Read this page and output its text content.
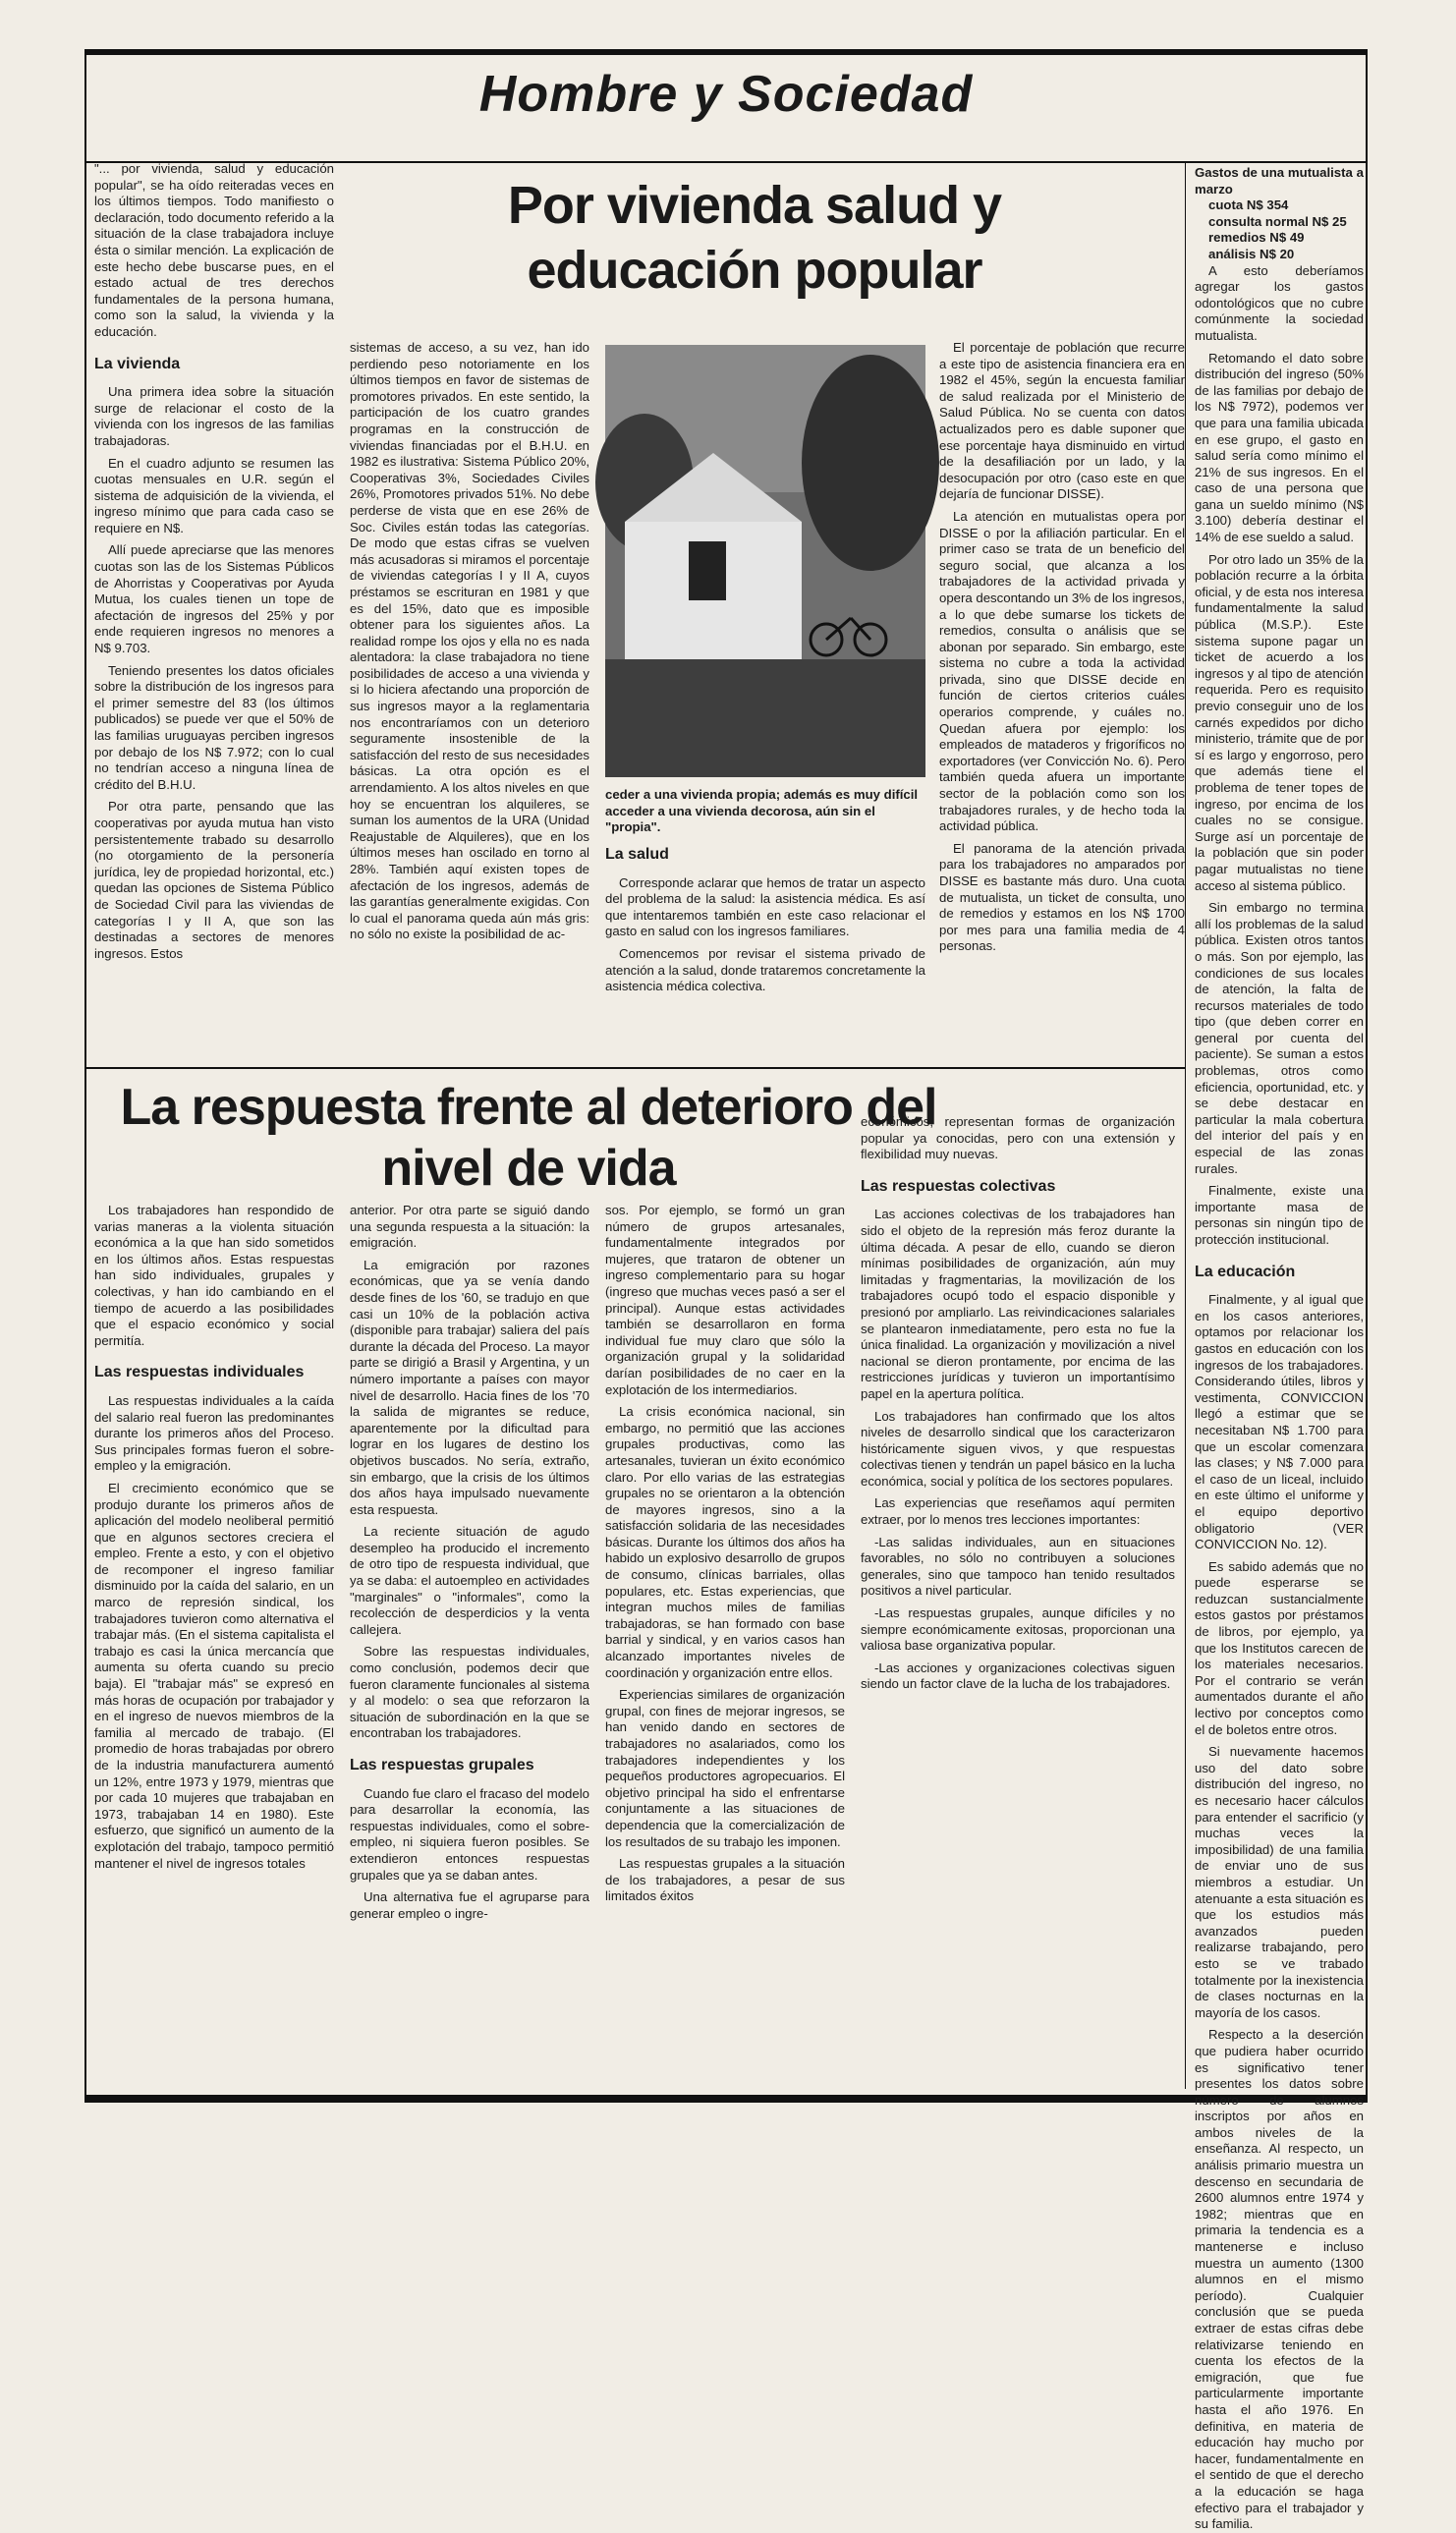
Hombre y Sociedad
Por vivienda salud y educación popular

"... por vivienda, salud y educación popular", se ha oído reiteradas veces en los últimos tiempos. Todo manifiesto o declaración, todo documento referido a la situación de la clase trabajadora incluye ésta o similar mención. La explicación de este hecho debe buscarse pues, en el estado actual de tres derechos fundamentales de la persona humana, como son la salud, la vivienda y la educación.

La vivienda

Una primera idea sobre la situación surge de relacionar el costo de la vivienda con los ingresos de las familias trabajadoras.

En el cuadro adjunto se resumen las cuotas mensuales en U.R. según el sistema de adquisición de la vivienda, el ingreso mínimo que para cada caso se requiere en N$.

Allí puede apreciarse que las menores cuotas son las de los Sistemas Públicos de Ahorristas y Cooperativas por Ayuda Mutua, los cuales tienen un tope de afectación de ingresos del 25% y por ende requieren ingresos no menores a N$ 9.703.

Teniendo presentes los datos oficiales sobre la distribución de los ingresos para el primer semestre del 83 (los últimos publicados) se puede ver que el 50% de las familias uruguayas perciben ingresos por debajo de los N$ 7.972; con lo cual no tendrían acceso a ninguna línea de crédito del B.H.U.

Por otra parte, pensando que las cooperativas por ayuda mutua han visto persistentemente trabado su desarrollo (no otorgamiento de la personería jurídica, ley de propiedad horizontal, etc.) quedan las opciones de Sistema Público de Sociedad Civil para las viviendas de categorías I y II A, que son las destinadas a sectores de menores ingresos. Estos

sistemas de acceso, a su vez, han ido perdiendo peso notoriamente en los últimos tiempos en favor de sistemas de promotores privados. En este sentido, la participación de los cuatro grandes programas en la construcción de viviendas financiadas por el B.H.U. en 1982 es ilustrativa: Sistema Público 20%, Cooperativas 3%, Sociedades Civiles 26%, Promotores privados 51%. No debe perderse de vista que en ese 26% de Soc. Civiles están todas las categorías. De modo que estas cifras se vuelven más acusadoras si miramos el porcentaje de viviendas categorías I y II A, cuyos préstamos se escrituran en 1981 y que es del 15%, dato que es imposible obtener para los siguientes años. La realidad rompe los ojos y ella no es nada alentadora: la clase trabajadora no tiene posibilidades de acceso a una vivienda y si lo hiciera afectando una proporción de sus ingresos mayor a la reglamentaria nos encontraríamos con un deterioro seguramente insostenible de la satisfacción del resto de sus necesidades básicas. La otra opción es el arrendamiento. A los altos niveles en que hoy se encuentran los alquileres, se suman los aumentos de la URA (Unidad Reajustable de Alquileres), que en los últimos meses han oscilado en torno al 28%. También aquí existen topes de afectación de los ingresos, además de las garantías generalmente exigidas. Con lo cual el panorama queda aún más gris: no sólo no existe la posibilidad de ac-

ceder a una vivienda propia; además es muy difícil acceder a una vivienda decorosa, aún sin el "propia".
La salud

Corresponde aclarar que hemos de tratar un aspecto del problema de la salud: la asistencia médica. Es así que intentaremos también en este caso relacionar el gasto en salud con los ingresos familiares.

Comencemos por revisar el sistema privado de atención a la salud, donde trataremos concretamente la asistencia médica colectiva.

El porcentaje de población que recurre a este tipo de asistencia financiera era en 1982 el 45%, según la encuesta familiar de salud realizada por el Ministerio de Salud Pública. No se cuenta con datos actualizados pero es dable suponer que ese porcentaje haya disminuido en virtud de la desafiliación por un lado, y la desocupación por otro (caso este en que dejaría de funcionar DISSE).

La atención en mutualistas opera por DISSE o por la afiliación particular. En el primer caso se trata de un beneficio del seguro social, que alcanza a los trabajadores de la actividad privada y opera descontando un 3% de los ingresos, a lo que debe sumarse los tickets de remedios, consulta o análisis que se abonan por separado. Sin embargo, este sistema no cubre a toda la actividad privada, sino que DISSE decide en función de ciertos criterios cuáles operarios comprende, y cuáles no. Quedan afuera por ejemplo: los empleados de mataderos y frigoríficos no exportadores (ver Convicción No. 6). Pero también queda afuera un importante sector de la población como son los trabajadores rurales, y de hecho toda la actividad pública.

El panorama de la atención privada para los trabajadores no amparados por DISSE es bastante más duro. Una cuota de mutualista, un ticket de consulta, uno de remedios y estamos en los N$ 1700 por mes para una familia media de 4 personas.

Gastos de una mutualista a marzo
cuota N$ 354
consulta normal N$ 25
remedios N$ 49
análisis N$ 20

A esto deberíamos agregar los gastos odontológicos que no cubre comúnmente la sociedad mutualista.

Retomando el dato sobre distribución del ingreso (50% de las familias por debajo de los N$ 7972), podemos ver que para una familia ubicada en ese grupo, el gasto en salud sería como mínimo el 21% de sus ingresos. En el caso de una persona que gana un sueldo mínimo (N$ 3.100) debería destinar el 14% de ese sueldo a salud.

Por otro lado un 35% de la población recurre a la órbita oficial, y de esta nos interesa fundamentalmente la salud pública (M.S.P.). Este sistema supone pagar un ticket de acuerdo a los ingresos y al tipo de atención requerida. Pero es requisito previo conseguir uno de los carnés expedidos por dicho ministerio, trámite que de por sí es largo y engorroso, pero que además tiene el problema de tener topes de ingreso, por encima de los cuales no se consigue. Surge así un porcentaje de la población que sin poder pagar mutualistas no tiene acceso al sistema público.

Sin embargo no termina allí los problemas de la salud pública. Existen otros tantos o más. Son por ejemplo, las condiciones de sus locales de atención, la falta de recursos materiales de todo tipo (que deben correr en general por cuenta del paciente). Se suman a estos problemas, otros como eficiencia, oportunidad, etc. y se debe destacar en particular la mala cobertura del interior del país y en especial de las zonas rurales.

Finalmente, existe una importante masa de personas sin ningún tipo de protección institucional.

La educación

Finalmente, y al igual que en los casos anteriores, optamos por relacionar los gastos en educación con los ingresos de los trabajadores. Considerando útiles, libros y vestimenta, CONVICCION llegó a estimar que se necesitaban N$ 1.700 para que un escolar comenzara las clases; y N$ 7.000 para el caso de un liceal, incluido en este último el uniforme y el equipo deportivo obligatorio (VER CONVICCION No. 12).

Es sabido además que no puede esperarse se reduzcan sustancialmente estos gastos por préstamos de libros, por ejemplo, ya que los Institutos carecen de los materiales necesarios. Por el contrario se verán aumentados durante el año lectivo por conceptos como el de boletos entre otros.

Si nuevamente hacemos uso del dato sobre distribución del ingreso, no es necesario hacer cálculos para entender el sacrificio (y muchas veces la imposibilidad) de una familia de enviar uno de sus miembros a estudiar. Un atenuante a esta situación es que los estudios más avanzados pueden realizarse trabajando, pero esto se ve trabado totalmente por la inexistencia de clases nocturnas en la mayoría de los casos.

Respecto a la deserción que pudiera haber ocurrido es significativo tener presentes los datos sobre número de alumnos inscriptos por años en ambos niveles de la enseñanza. Al respecto, un análisis primario muestra un descenso en secundaria de 2600 alumnos entre 1974 y 1982; mientras que en primaria la tendencia es a mantenerse e incluso muestra un aumento (1300 alumnos en el mismo período). Cualquier conclusión que se pueda extraer de estas cifras debe relativizarse teniendo en cuenta los efectos de la emigración, que fue particularmente importante hasta el año 1976. En definitiva, en materia de educación hay mucho por hacer, fundamentalmente en el sentido de que el derecho a la educación se haga efectivo para el trabajador y su familia.

La respuesta frente al deterioro del nivel de vida

Los trabajadores han respondido de varias maneras a la violenta situación económica a la que han sido sometidos en los últimos años. Estas respuestas han sido individuales, grupales y colectivas, y han ido cambiando en el tiempo de acuerdo a las posibilidades que el espacio económico y social permitía.

Las respuestas individuales

Las respuestas individuales a la caída del salario real fueron las predominantes durante los primeros años del Proceso. Sus principales formas fueron el sobre-empleo y la emigración.

El crecimiento económico que se produjo durante los primeros años de aplicación del modelo neoliberal permitió que en algunos sectores creciera el empleo. Frente a esto, y con el objetivo de recomponer el ingreso familiar disminuido por la caída del salario, en un marco de represión sindical, los trabajadores tuvieron como alternativa el trabajar más. (En el sistema capitalista el trabajo es casi la única mercancía que aumenta su oferta cuando su precio baja). El "trabajar más" se expresó en más horas de ocupación por trabajador y en el ingreso de nuevos miembros de la familia al mercado de trabajo. (El promedio de horas trabajadas por obrero de la industria manufacturera aumentó un 12%, entre 1973 y 1979, mientras que por cada 10 mujeres que trabajaban en 1973, trabajaban 14 en 1980). Este esfuerzo, que significó un aumento de la explotación del trabajo, tampoco permitió mantener el nivel de ingresos totales

anterior. Por otra parte se siguió dando una segunda respuesta a la situación: la emigración.

La emigración por razones económicas, que ya se venía dando desde fines de los '60, se tradujo en que casi un 10% de la población activa (disponible para trabajar) saliera del país durante la década del Proceso. La mayor parte se dirigió a Brasil y Argentina, y un número importante a países con mayor nivel de desarrollo. Hacia fines de los '70 la salida de migrantes se reduce, aparentemente por la dificultad para lograr en los lugares de destino los objetivos buscados. No sería, extraño, sin embargo, que la crisis de los últimos dos años haya impulsado nuevamente esta respuesta.

La reciente situación de agudo desempleo ha producido el incremento de otro tipo de respuesta individual, que ya se daba: el autoempleo en actividades "marginales" o "informales", como la recolección de desperdicios y la venta callejera.

Sobre las respuestas individuales, como conclusión, podemos decir que fueron claramente funcionales al sistema y al modelo: o sea que reforzaron la situación de subordinación en la que se encontraban los trabajadores.

Las respuestas grupales

Cuando fue claro el fracaso del modelo para desarrollar la economía, las respuestas individuales, como el sobre-empleo, ni siquiera fueron posibles. Se extendieron entonces respuestas grupales que ya se daban antes.

Una alternativa fue el agruparse para generar empleo o ingre-

sos. Por ejemplo, se formó un gran número de grupos artesanales, fundamentalmente integrados por mujeres, que trataron de obtener un ingreso complementario para su hogar (ingreso que muchas veces pasó a ser el principal). Aunque estas actividades también se desarrollaron en forma individual fue muy claro que sólo la organización grupal y la solidaridad darían posibilidades de no caer en la explotación de los intermediarios.

La crisis económica nacional, sin embargo, no permitió que las acciones grupales productivas, como las artesanales, tuvieran un éxito económico claro. Por ello varias de las estrategias grupales no se orientaron a la obtención de mayores ingresos, sino a la satisfacción solidaria de las necesidades básicas. Durante los últimos dos años ha habido un explosivo desarrollo de grupos de consumo, clínicas barriales, ollas populares, etc. Estas experiencias, que integran muchos miles de familias trabajadoras, se han formado con base barrial y sindical, y en varios casos han alcanzado importantes niveles de coordinación y organización entre ellos.

Experiencias similares de organización grupal, con fines de mejorar ingresos, se han venido dando en sectores de trabajadores no asalariados, como los trabajadores independientes y los pequeños productores agropecuarios. El objetivo principal ha sido el enfrentarse conjuntamente a las situaciones de dependencia que la comercialización de los resultados de su trabajo les imponen.

Las respuestas grupales a la situación de los trabajadores, a pesar de sus limitados éxitos

económicos, representan formas de organización popular ya conocidas, pero con una extensión y flexibilidad muy nuevas.

Las respuestas colectivas

Las acciones colectivas de los trabajadores han sido el objeto de la represión más feroz durante la última década. A pesar de ello, cuando se dieron mínimas posibilidades de organización, aún muy limitadas y fragmentarias, la movilización de los trabajadores ocupó todo el espacio disponible y presionó por ampliarlo. Las reivindicaciones salariales se plantearon inmediatamente, pero esta no fue la única finalidad. La organización y movilización a nivel nacional se dieron prontamente, por encima de las restricciones jurídicas y tuvieron un importantísimo papel en la apertura política.

Los trabajadores han confirmado que los altos niveles de desarrollo sindical que los caracterizaron históricamente siguen vivos, y que respuestas colectivas tienen y tendrán un papel básico en la lucha económica, social y política de los sectores populares.

Las experiencias que reseñamos aquí permiten extraer, por lo menos tres lecciones importantes:

-Las salidas individuales, aun en situaciones favorables, no sólo no contribuyen a soluciones generales, sino que tampoco han tenido resultados positivos a nivel particular.

-Las respuestas grupales, aunque difíciles y no siempre económicamente exitosas, proporcionan una valiosa base organizativa popular.

-Las acciones y organizaciones colectivas siguen siendo un factor clave de la lucha de los trabajadores.
